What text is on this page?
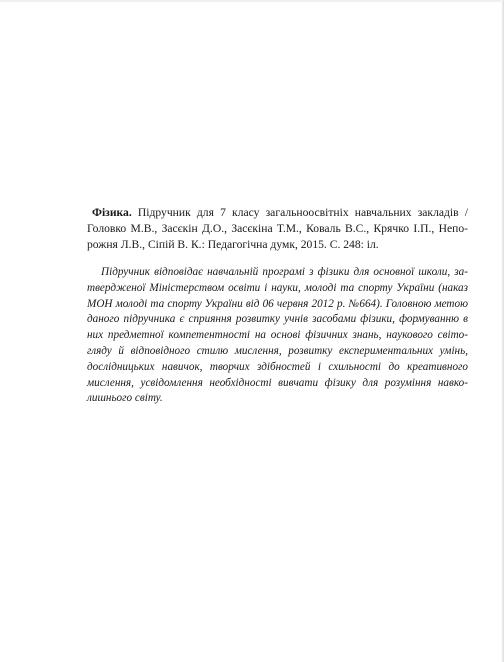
Фізика. Підручник для 7 класу загальноосвітніх навчальних закладів /
Головко М.В., Засєкін Д.О., Засєкіна Т.М., Коваль В.С., Крячко І.П., Непо-
рожня Л.В., Сіпій В. К.: Педагогічна думк, 2015. С. 248: іл.
Підручник відповідає навчальній програмі з фізики для основної школи, за-
твердженої Міністерством освіти і науки, молоді та спорту України (наказ
МОН молоді та спорту України від 06 червня 2012 р. №664). Головною метою
даного підручника є сприяння розвитку учнів засобами фізики, формуванню в
них предметної компетентності на основі фізичних знань, наукового світо-
гляду й відповідного стилю мислення, розвитку експериментальних умінь,
дослідницьких навичок, творчих здібностей і схильності до креативного
мислення, усвідомлення необхідності вивчати фізику для розуміння навко-
лишнього світу.
